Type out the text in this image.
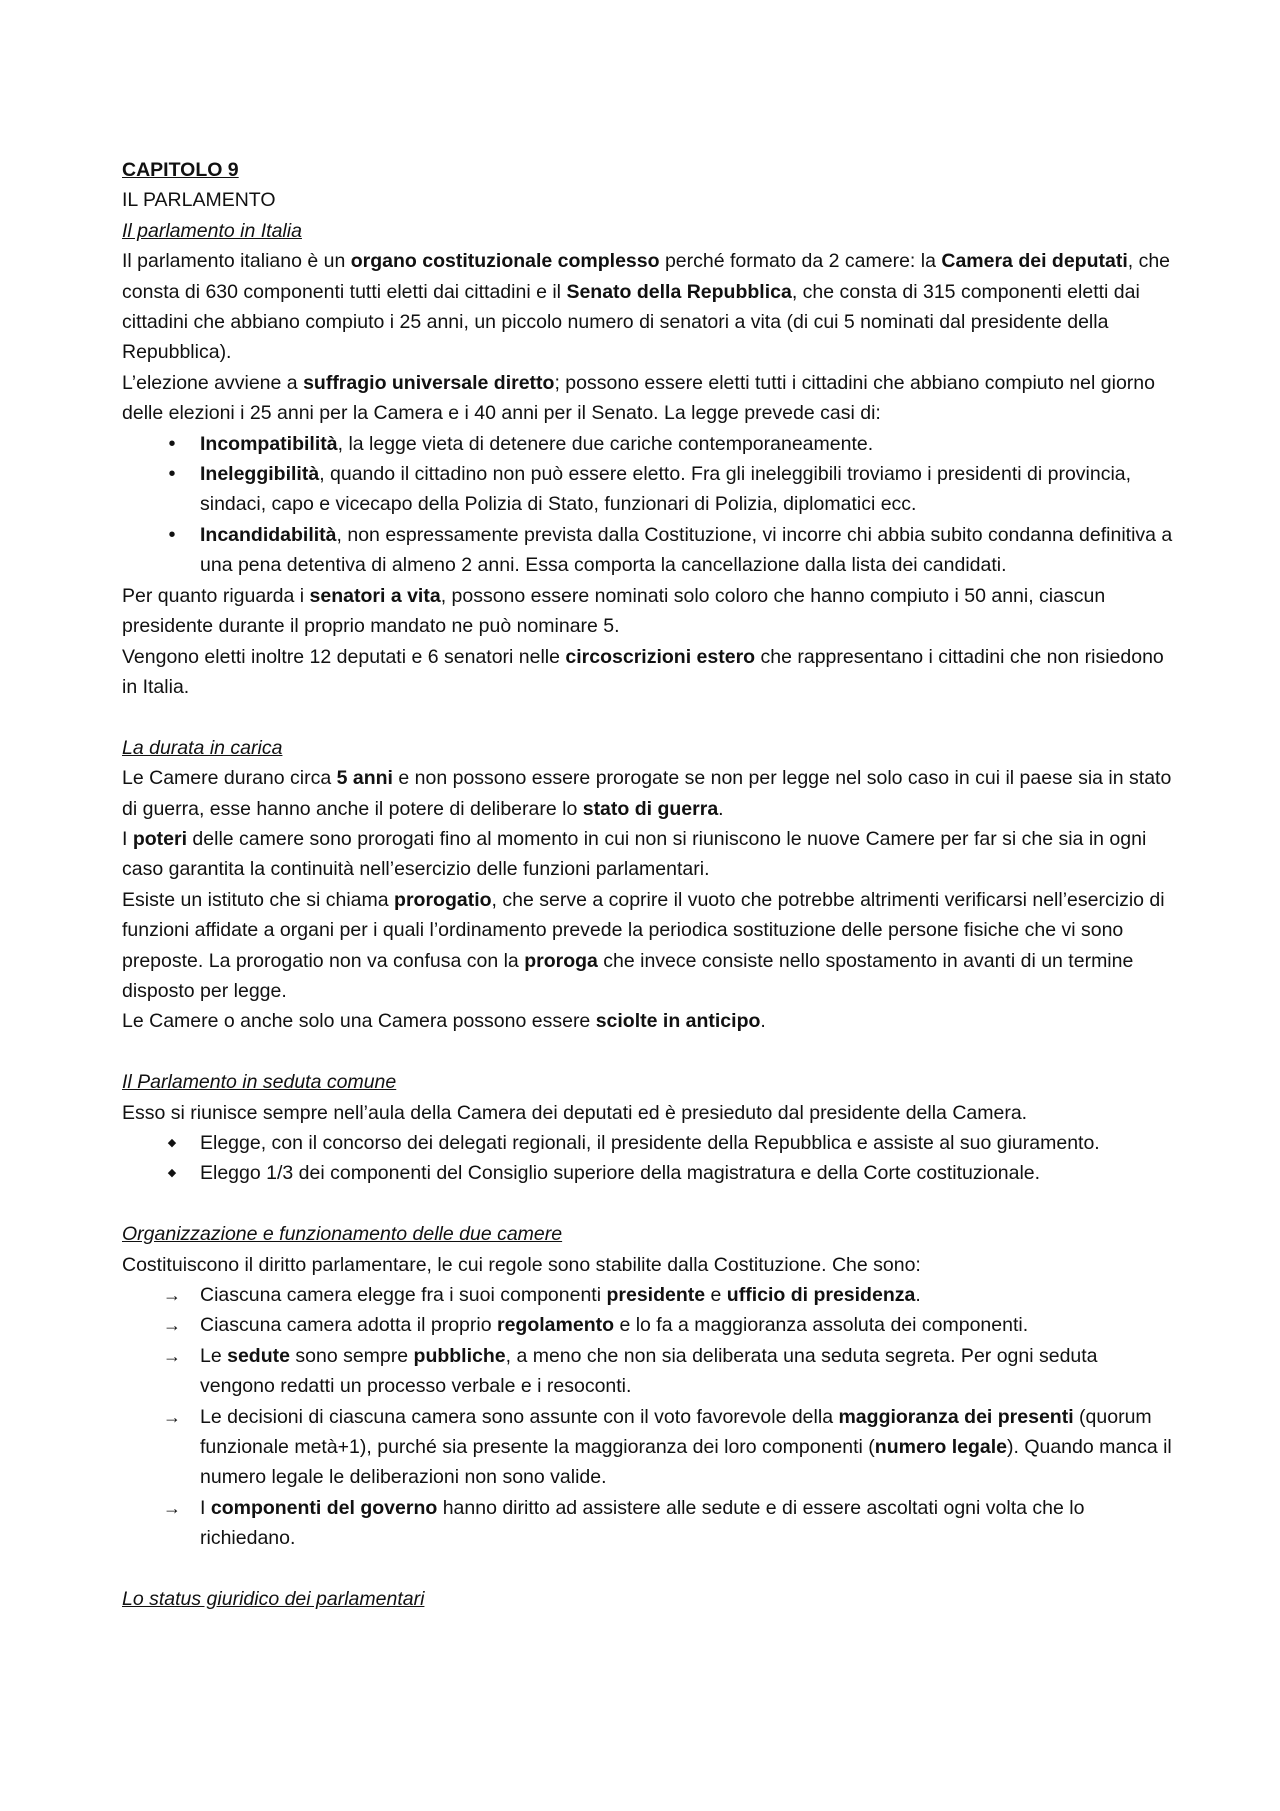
CAPITOLO 9

IL PARLAMENTO

Il parlamento in Italia

Il parlamento italiano è un organo costituzionale complesso perché formato da 2 camere: la Camera dei deputati, che consta di 630 componenti tutti eletti dai cittadini e il Senato della Repubblica, che consta di 315 componenti eletti dai cittadini che abbiano compiuto i 25 anni, un piccolo numero di senatori a vita (di cui 5 nominati dal presidente della Repubblica).

L’elezione avviene a suffragio universale diretto; possono essere eletti tutti i cittadini che abbiano compiuto nel giorno delle elezioni i 25 anni per la Camera e i 40 anni per il Senato. La legge prevede casi di:

•	Incompatibilità, la legge vieta di detenere due cariche contemporaneamente.
•	Ineleggibilità, quando il cittadino non può essere eletto. Fra gli ineleggibili troviamo i presidenti di provincia, sindaci, capo e vicecapo della Polizia di Stato, funzionari di Polizia, diplomatici ecc.
•	Incandidabilità, non espressamente prevista dalla Costituzione, vi incorre chi abbia subito condanna definitiva a una pena detentiva di almeno 2 anni. Essa comporta la cancellazione dalla lista dei candidati.

Per quanto riguarda i senatori a vita, possono essere nominati solo coloro che hanno compiuto i 50 anni, ciascun presidente durante il proprio mandato ne può nominare 5.

Vengono eletti inoltre 12 deputati e 6 senatori nelle circoscrizioni estero che rappresentano i cittadini che non risiedono in Italia.

La durata in carica

Le Camere durano circa 5 anni e non possono essere prorogate se non per legge nel solo caso in cui il paese sia in stato di guerra, esse hanno anche il potere di deliberare lo stato di guerra.

I poteri delle camere sono prorogati fino al momento in cui non si riuniscono le nuove Camere per far si che sia in ogni caso garantita la continuità nell’esercizio delle funzioni parlamentari.

Esiste un istituto che si chiama prorogatio, che serve a coprire il vuoto che potrebbe altrimenti verificarsi nell’esercizio di funzioni affidate a organi per i quali l’ordinamento prevede la periodica sostituzione delle persone fisiche che vi sono preposte. La prorogatio non va confusa con la proroga che invece consiste nello spostamento in avanti di un termine disposto per legge.

Le Camere o anche solo una Camera possono essere sciolte in anticipo.

Il Parlamento in seduta comune

Esso si riunisce sempre nell’aula della Camera dei deputati ed è presieduto dal presidente della Camera.

◆ Elegge, con il concorso dei delegati regionali, il presidente della Repubblica e assiste al suo giuramento.
◆ Eleggo 1/3 dei componenti del Consiglio superiore della magistratura e della Corte costituzionale.

Organizzazione e funzionamento delle due camere

Costituiscono il diritto parlamentare, le cui regole sono stabilite dalla Costituzione. Che sono:

→ Ciascuna camera elegge fra i suoi componenti presidente e ufficio di presidenza.
→ Ciascuna camera adotta il proprio regolamento e lo fa a maggioranza assoluta dei componenti.
→ Le sedute sono sempre pubbliche, a meno che non sia deliberata una seduta segreta. Per ogni seduta vengono redatti un processo verbale e i resoconti.
→ Le decisioni di ciascuna camera sono assunte con il voto favorevole della maggioranza dei presenti (quorum funzionale metà+1), purché sia presente la maggioranza dei loro componenti (numero legale). Quando manca il numero legale le deliberazioni non sono valide.
→ I componenti del governo hanno diritto ad assistere alle sedute e di essere ascoltati ogni volta che lo richiedano.

Lo status giuridico dei parlamentari
